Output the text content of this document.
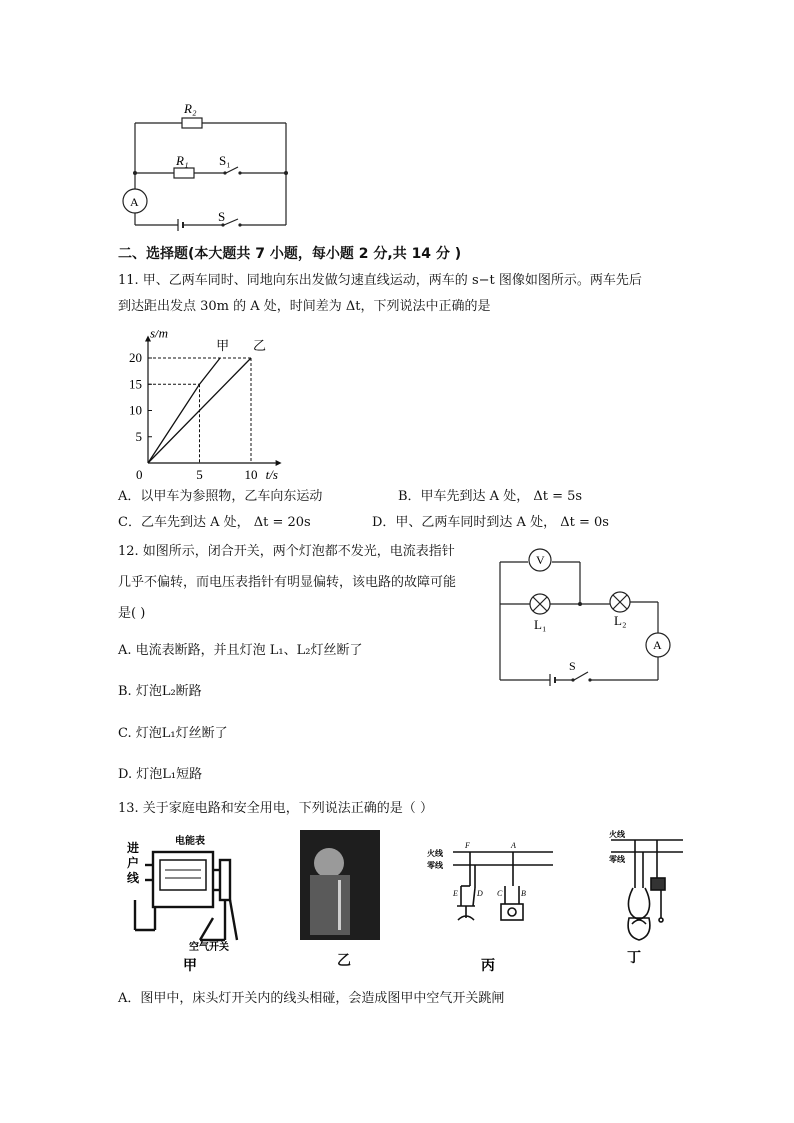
R₂
R₁ S₁
S
A
二、选择题(本大题共 7 小题，每小题 2 分,共 14 分 )
11. 甲、乙两车同时、同地向东出发做匀速直线运动，两车的 s−t 图像如图所示。两车先后
到达距出发点 30m 的 A 处，时间差为 Δt，下列说法中正确的是
s/m
t/s
5
10
15
20
0	5	10
甲 乙
A．以甲车为参照物，乙车向东运动	B．甲车先到达 A 处， Δt = 5s
C．乙车先到达 A 处， Δt = 20s	D．甲、乙两车同时到达 A 处， Δt = 0s
12. 如图所示，闭合开关，两个灯泡都不发光，电流表指针
几乎不偏转，而电压表指针有明显偏转，该电路的故障可能
是( )
A. 电流表断路，并且灯泡 L₁、L₂灯丝断了
B. 灯泡L₂断路
C. 灯泡L₁灯丝断了
D. 灯泡L₁短路
V
L₁	L₂
A
S
13. 关于家庭电路和安全用电，下列说法正确的是（ ）
进
户
线
电能表
空气开关
甲	乙
火线
零线
F	A
E D C B
丙
火线
零线
丁
A．图甲中，床头灯开关内的线头相碰，会造成图甲中空气开关跳闸
